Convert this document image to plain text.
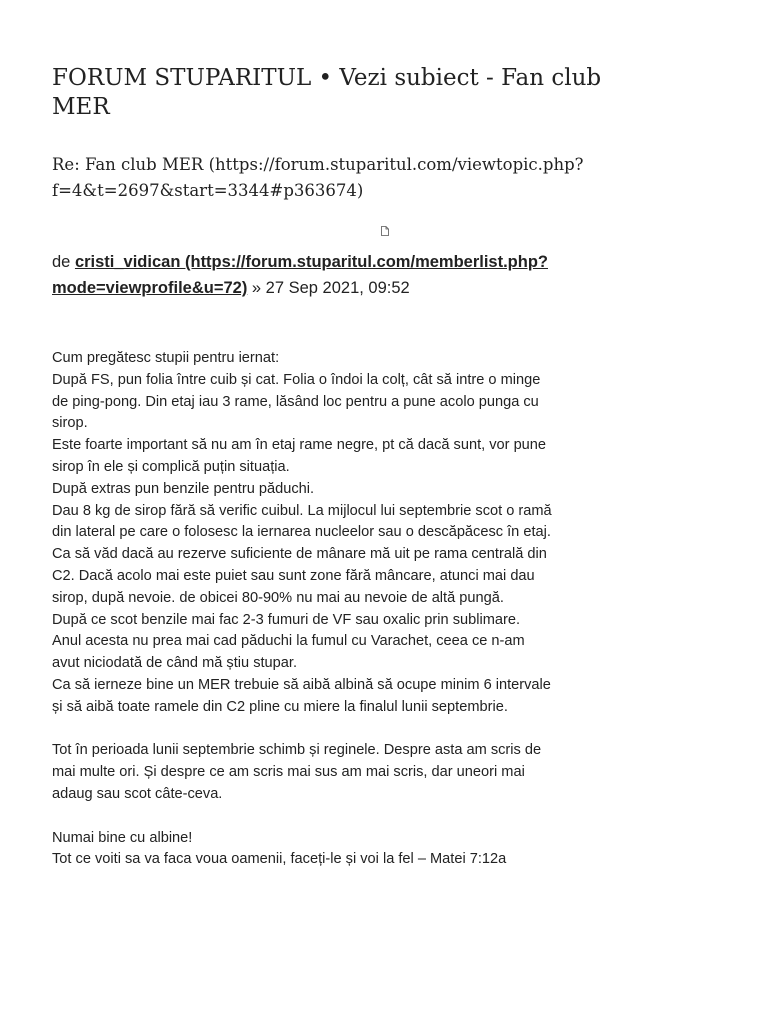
FORUM STUPARITUL • Vezi subiect - Fan club MER
Re: Fan club MER (https://forum.stuparitul.com/viewtopic.php?f=4&t=2697&start=3344#p363674)

de cristi_vidican (https://forum.stuparitul.com/memberlist.php?mode=viewprofile&u=72) » 27 Sep 2021, 09:52

Cum pregătesc stupii pentru iernat:
După FS, pun folia între cuib și cat. Folia o îndoi la colț, cât să intre o minge de ping-pong. Din etaj iau 3 rame, lăsând loc pentru a pune acolo punga cu sirop.
Este foarte important să nu am în etaj rame negre, pt că dacă sunt, vor pune sirop în ele și complică puțin situația.
După extras pun benzile pentru păduchi.
Dau 8 kg de sirop fără să verific cuibul. La mijlocul lui septembrie scot o ramă din lateral pe care o folosesc la iernarea nucleelor sau o descăpăcesc în etaj.
Ca să văd dacă au rezerve suficiente de mânare mă uit pe rama centrală din C2. Dacă acolo mai este puiet sau sunt zone fără mâncare, atunci mai dau sirop, după nevoie. de obicei 80-90% nu mai au nevoie de altă pungă.
După ce scot benzile mai fac 2-3 fumuri de VF sau oxalic prin sublimare.
Anul acesta nu prea mai cad păduchi la fumul cu Varachet, ceea ce n-am avut niciodată de când mă știu stupar.
Ca să ierneze bine un MER trebuie să aibă albină să ocupe minim 6 intervale și să aibă toate ramele din C2 pline cu miere la finalul lunii septembrie.

Tot în perioada lunii septembrie schimb și reginele. Despre asta am scris de mai multe ori. Și despre ce am scris mai sus am mai scris, dar uneori mai adaug sau scot câte-ceva.

Numai bine cu albine!
Tot ce voiti sa va faca voua oamenii, faceți-le și voi la fel – Matei 7:12a
